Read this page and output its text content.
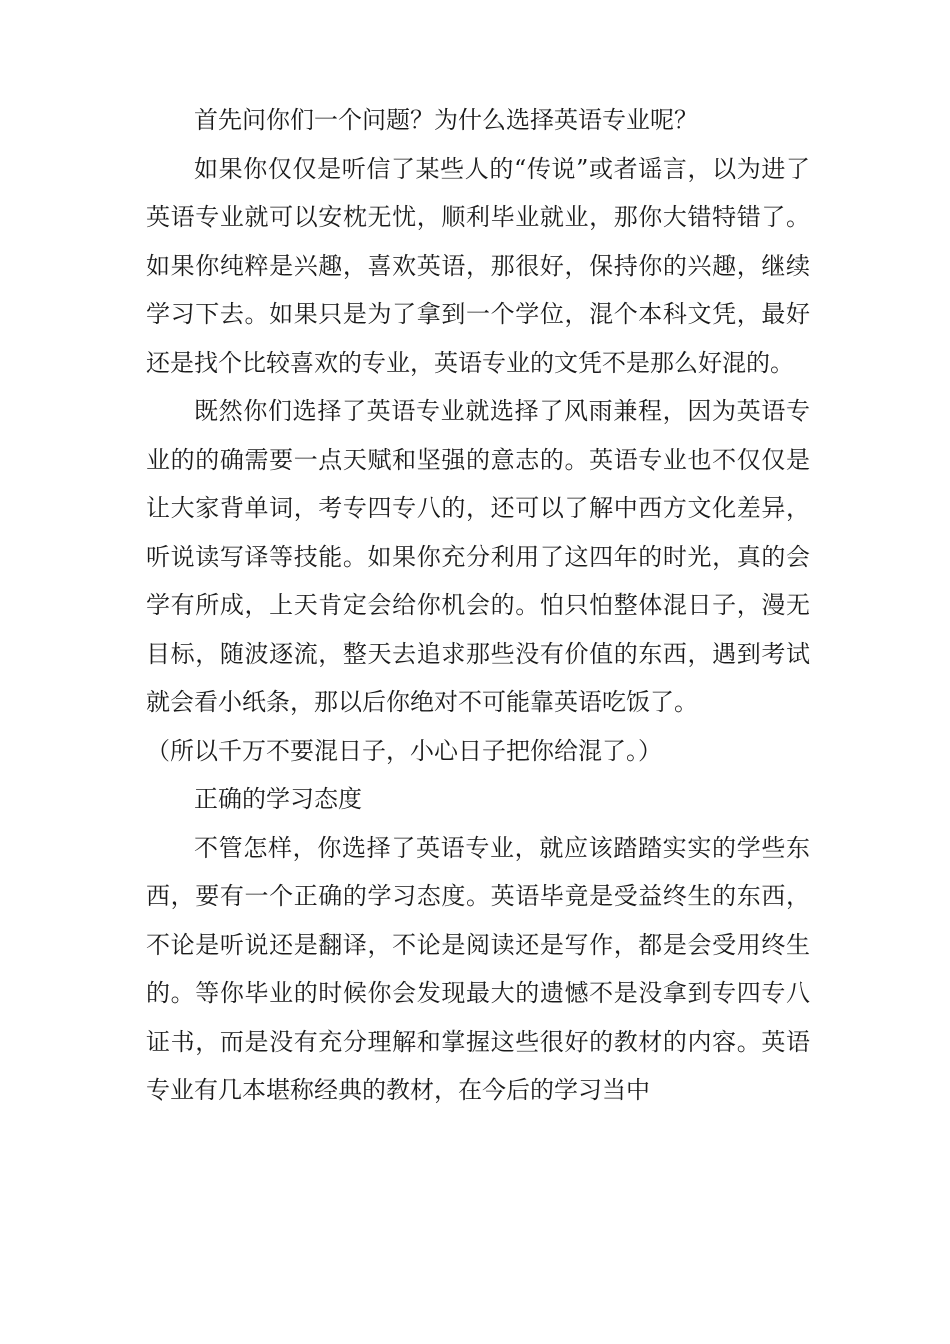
首先问你们一个问题？为什么选择英语专业呢？

如果你仅仅是听信了某些人的“传说”或者谣言，以为进了英语专业就可以安枕无忧，顺利毕业就业，那你大错特错了。如果你纯粹是兴趣，喜欢英语，那很好，保持你的兴趣，继续学习下去。如果只是为了拿到一个学位，混个本科文凭，最好还是找个比较喜欢的专业，英语专业的文凭不是那么好混的。

既然你们选择了英语专业就选择了风雨兼程，因为英语专业的的确需要一点天赋和坚强的意志的。英语专业也不仅仅是让大家背单词，考专四专八的，还可以了解中西方文化差异，听说读写译等技能。如果你充分利用了这四年的时光，真的会学有所成，上天肯定会给你机会的。怕只怕整体混日子，漫无目标，随波逐流，整天去追求那些没有价值的东西，遇到考试就会看小纸条，那以后你绝对不可能靠英语吃饭了。

（所以千万不要混日子，小心日子把你给混了。）

正确的学习态度

不管怎样，你选择了英语专业，就应该踏踏实实的学些东西，要有一个正确的学习态度。英语毕竟是受益终生的东西，不论是听说还是翻译，不论是阅读还是写作，都是会受用终生的。等你毕业的时候你会发现最大的遗憾不是没拿到专四专八证书，而是没有充分理解和掌握这些很好的教材的内容。英语专业有几本堪称经典的教材，在今后的学习当中
